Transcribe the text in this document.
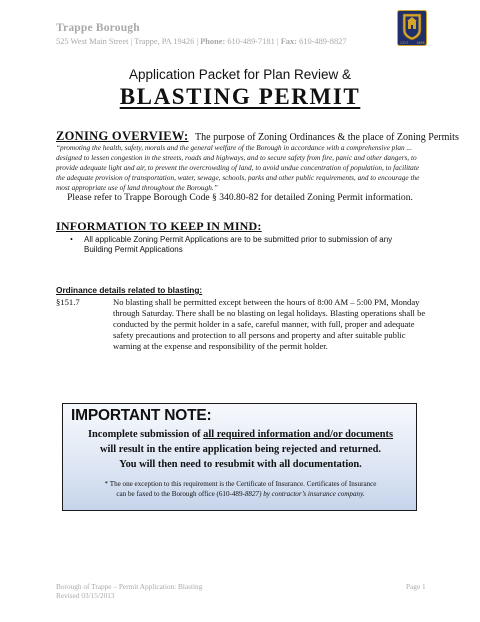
Trappe Borough
525 West Main Street | Trappe, PA 19426 | Phone: 610-489-7181 | Fax: 610-489-8827	1717	1896
Application Packet for Plan Review &
BLASTING PERMIT
ZONING OVERVIEW: The purpose of Zoning Ordinances & the place of Zoning Permits
“promoting the health, safety, morals and the general welfare of the Borough in accordance with a comprehensive plan ... designed to lessen congestion in the streets, roads and highways, and to secure safety from fire, panic and other dangers, to provide adequate light and air, to prevent the overcrowding of land, to avoid undue concentration of population, to facilitate the adequate provision of transportation, water, sewage, schools, parks and other public requirements, and to encourage the most appropriate use of land throughout the Borough.”
Please refer to Trappe Borough Code § 340.80-82 for detailed Zoning Permit information.
INFORMATION TO KEEP IN MIND:
• All applicable Zoning Permit Applications are to be submitted prior to submission of any Building Permit Applications
Ordinance details related to blasting:
§151.7	No blasting shall be permitted except between the hours of 8:00 AM – 5:00 PM, Monday through Saturday. There shall be no blasting on legal holidays. Blasting operations shall be conducted by the permit holder in a safe, careful manner, with full, proper and adequate safety precautions and protection to all persons and property and after suitable public warning at the expense and responsibility of the permit holder.
IMPORTANT NOTE:
Incomplete submission of all required information and/or documents
will result in the entire application being rejected and returned.
You will then need to resubmit with all documentation.
* The one exception to this requirement is the Certificate of Insurance. Certificates of Insurance
can be faxed to the Borough office (610-489-8827) by contractor’s insurance company.
Borough of Trappe – Permit Application: Blasting
Revised 03/15/2013
Page 1
